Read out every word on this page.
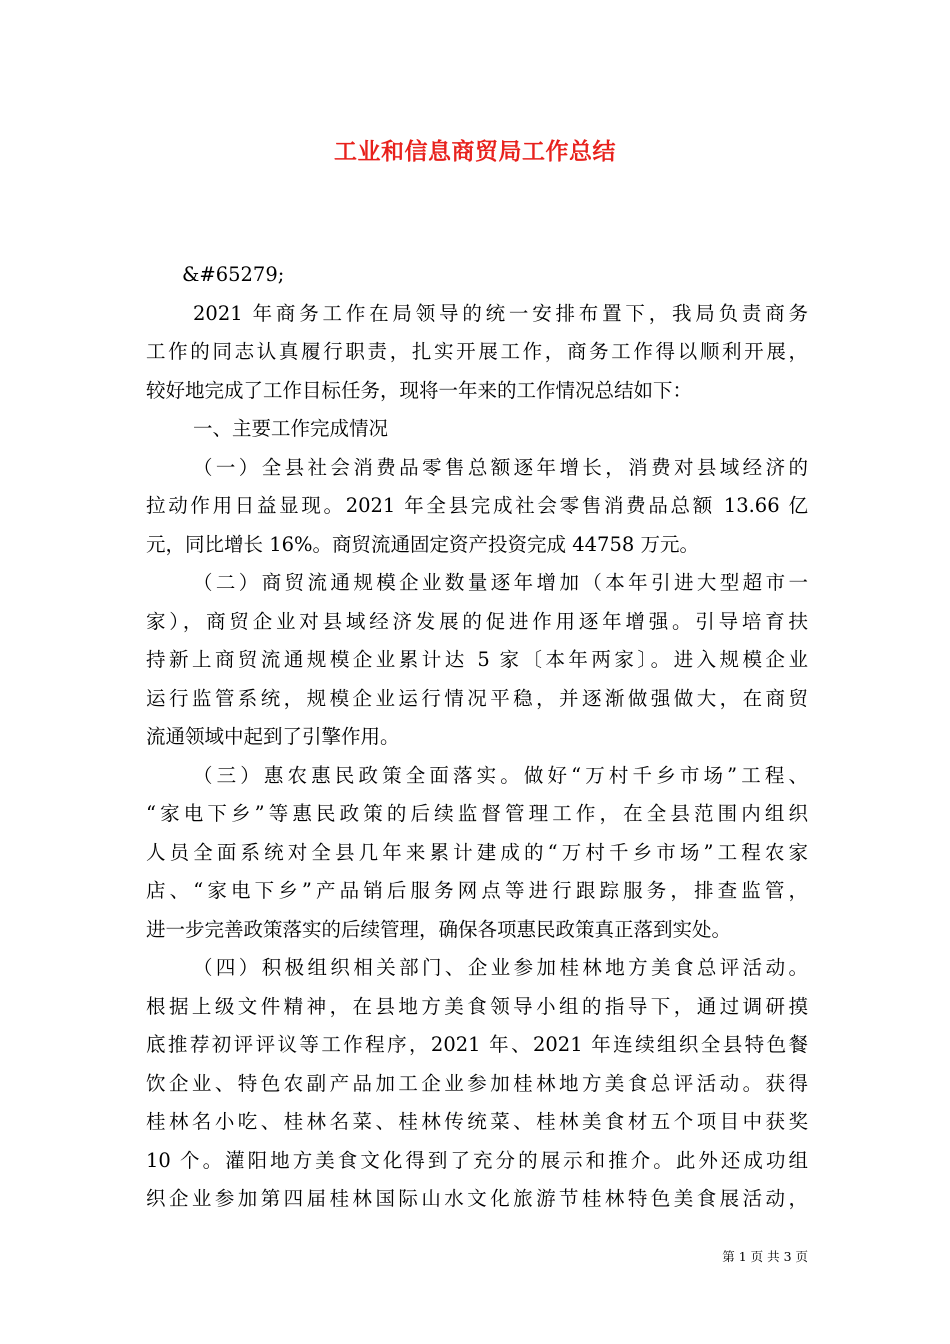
工业和信息商贸局工作总结
&#65279;
2021 年商务工作在局领导的统一安排布置下，我局负责商务
工作的同志认真履行职责，扎实开展工作，商务工作得以顺利开展，
较好地完成了工作目标任务，现将一年来的工作情况总结如下：
一、主要工作完成情况
（一）全县社会消费品零售总额逐年增长，消费对县域经济的
拉动作用日益显现。2021 年全县完成社会零售消费品总额 13.66 亿
元，同比增长 16%。商贸流通固定资产投资完成 44758 万元。
（二）商贸流通规模企业数量逐年增加（本年引进大型超市一
家），商贸企业对县域经济发展的促进作用逐年增强。引导培育扶
持新上商贸流通规模企业累计达 5 家〔本年两家〕。进入规模企业
运行监管系统，规模企业运行情况平稳，并逐渐做强做大，在商贸
流通领域中起到了引擎作用。
（三）惠农惠民政策全面落实。做好“万村千乡市场”工程、
“家电下乡”等惠民政策的后续监督管理工作，在全县范围内组织
人员全面系统对全县几年来累计建成的“万村千乡市场”工程农家
店、“家电下乡”产品销后服务网点等进行跟踪服务，排查监管，
进一步完善政策落实的后续管理，确保各项惠民政策真正落到实处。
（四）积极组织相关部门、企业参加桂林地方美食总评活动。
根据上级文件精神，在县地方美食领导小组的指导下，通过调研摸
底推荐初评评议等工作程序，2021 年、2021 年连续组织全县特色餐
饮企业、特色农副产品加工企业参加桂林地方美食总评活动。获得
桂林名小吃、桂林名菜、桂林传统菜、桂林美食材五个项目中获奖
10 个。灌阳地方美食文化得到了充分的展示和推介。此外还成功组
织企业参加第四届桂林国际山水文化旅游节桂林特色美食展活动，
第 1 页 共 3 页
